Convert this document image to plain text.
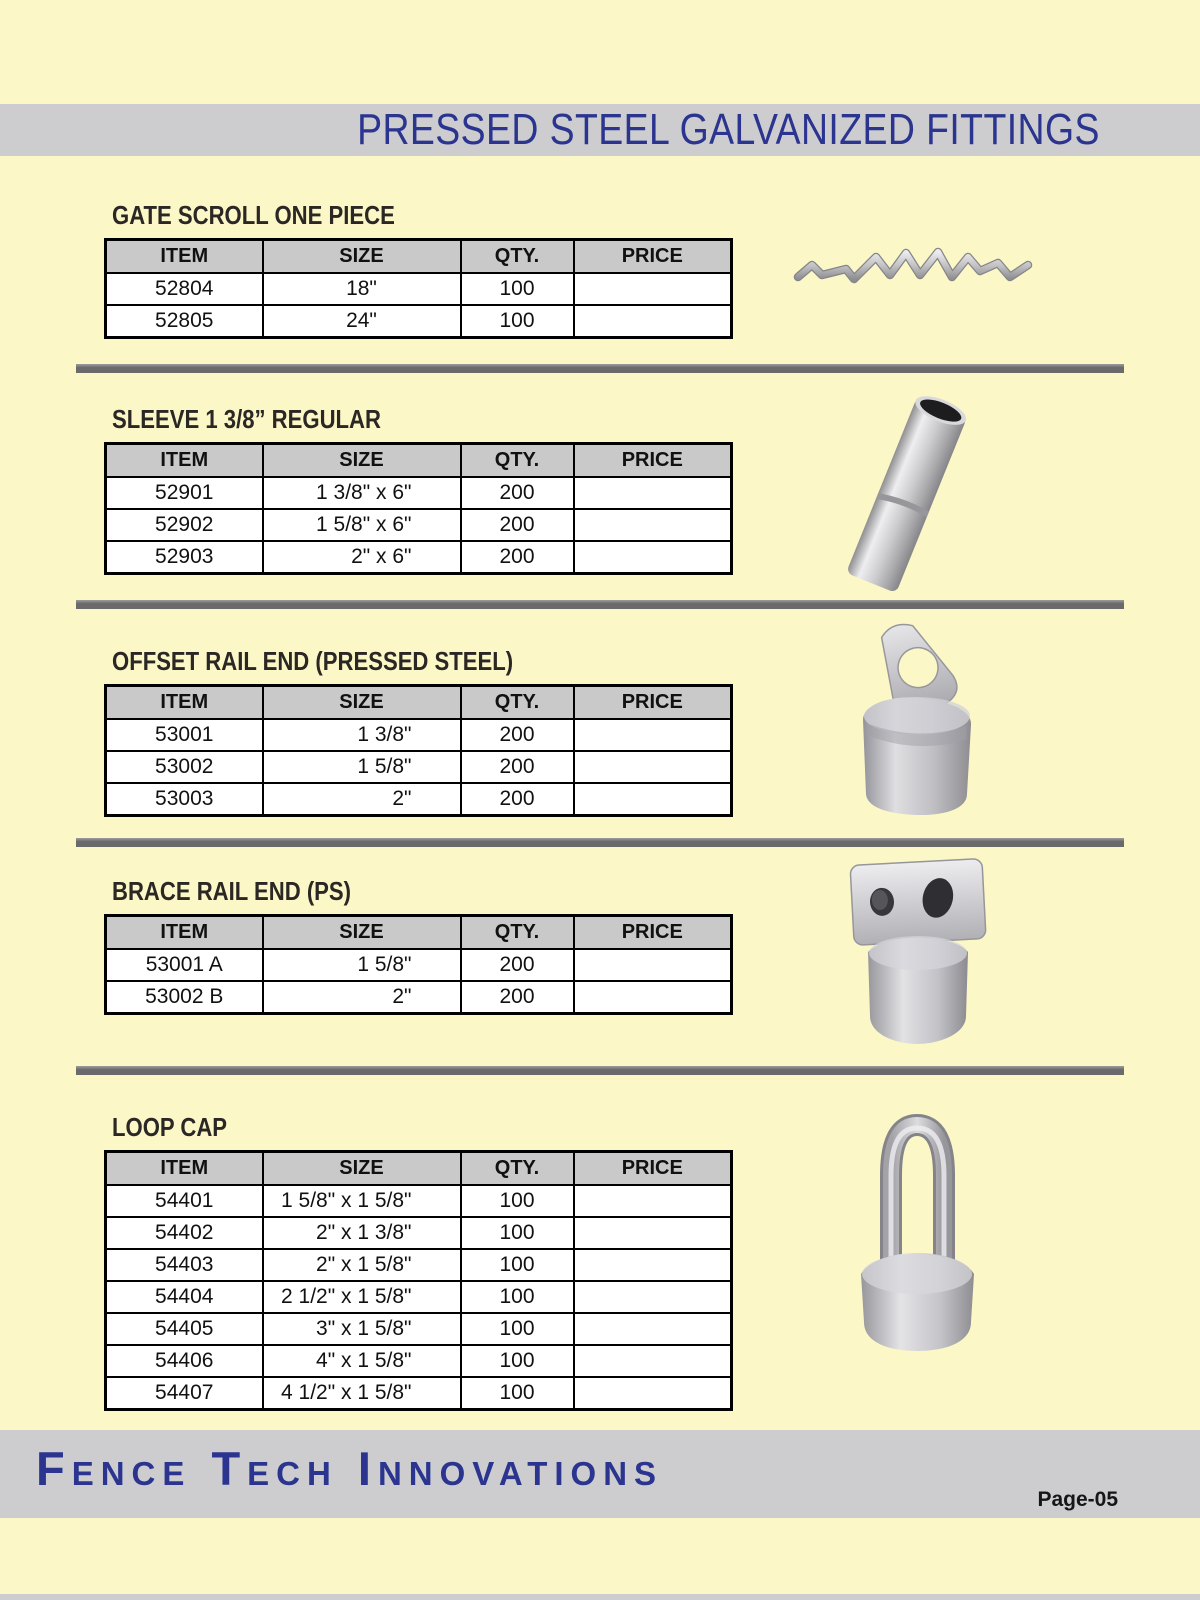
PRESSED STEEL GALVANIZED FITTINGS
GATE SCROLL ONE PIECE
ITEM	SIZE	QTY.	PRICE
52804	18"	100	
52805	24"	100	
SLEEVE 1 3/8” REGULAR
ITEM	SIZE	QTY.	PRICE
52901	1 3/8" x 6"	200	
52902	1 5/8" x 6"	200	
52903	2" x 6"	200	
OFFSET RAIL END (PRESSED STEEL)
ITEM	SIZE	QTY.	PRICE
53001	1 3/8"	200	
53002	1 5/8"	200	
53003	2"	200	
BRACE RAIL END (PS)
ITEM	SIZE	QTY.	PRICE
53001 A	1 5/8"	200	
53002 B	2"	200	
LOOP CAP
ITEM	SIZE	QTY.	PRICE
54401	1 5/8" x 1 5/8"	100	
54402	2" x 1 3/8"	100	
54403	2" x 1 5/8"	100	
54404	2 1/2" x 1 5/8"	100	
54405	3" x 1 5/8"	100	
54406	4" x 1 5/8"	100	
54407	4 1/2" x 1 5/8"	100	
Fence Tech Innovations
Page-05
